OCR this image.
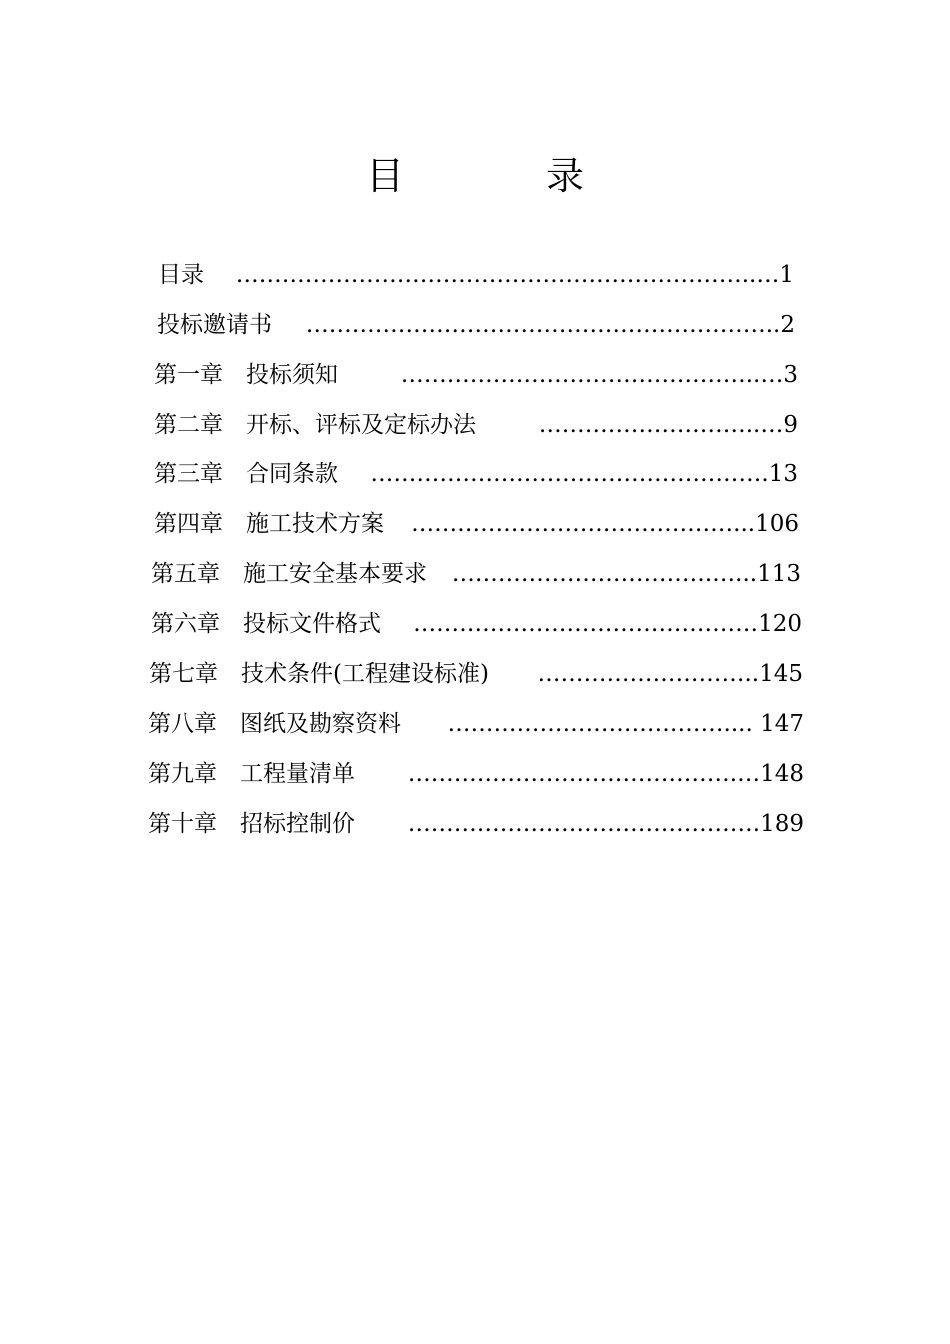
目　录
目录 …………………………………………………………..…1
投标邀请书 ……………………………………………………..2
第一章　投标须知	………………………………………..…3
第二章　开标、评标及定标办法	………………………..…9
第三章　合同条款 …………………………………………….13
第四章　施工技术方案 ……………………………………...106
第五章　施工安全基本要求 …………………………….…...113
第六章　投标文件格式 ………………………………………120
第七章　技术条件(工程建设标准) ………………………..145
第八章　图纸及勘察资料 ……………………………….... 147
第九章　工程量清单 …………………………………….…148
第十章　招标控制价 ……………………………………….189
